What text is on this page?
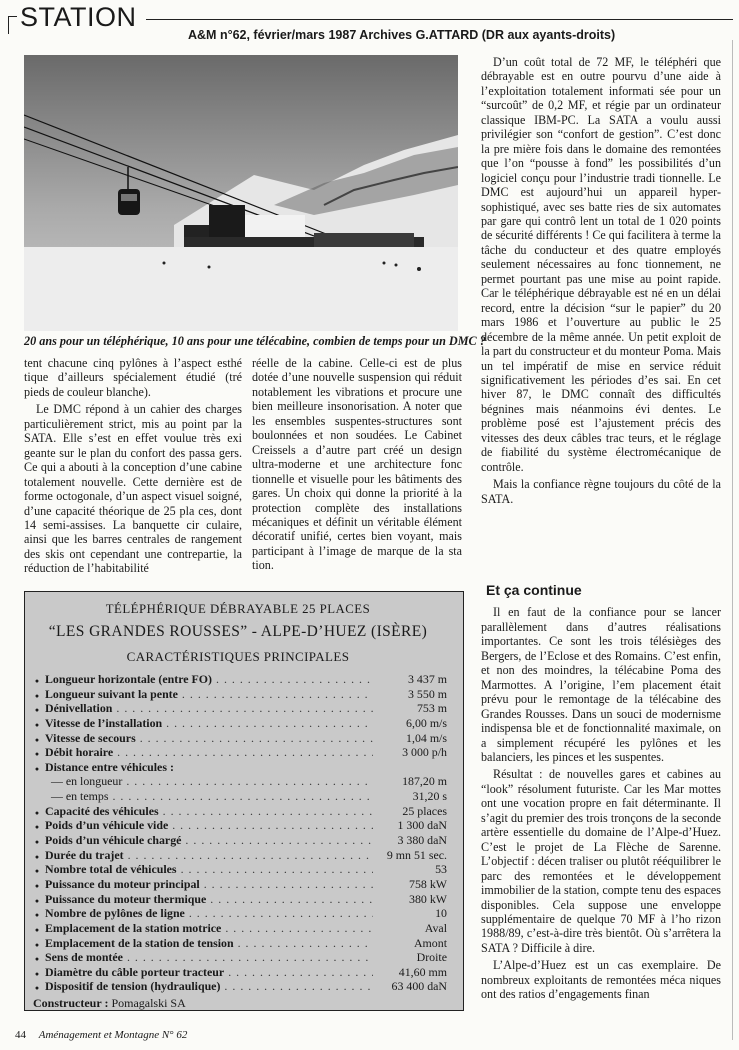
STATION
A&M n°62, février/mars 1987 Archives G.ATTARD (DR aux ayants-droits)
20 ans pour un téléphérique, 10 ans pour une télécabine, combien de temps pour un DMC ?

tent chacune cinq pylônes à l’aspect esthé tique d’ailleurs spécialement étudié (tré pieds de couleur blanche).

Le DMC répond à un cahier des charges particulièrement strict, mis au point par la SATA. Elle s’est en effet voulue très exi geante sur le plan du confort des passa gers. Ce qui a abouti à la conception d’une cabine totalement nouvelle. Cette dernière est de forme octogonale, d’un aspect visuel soigné, d’une capacité théorique de 25 pla ces, dont 14 semi-assises. La banquette cir culaire, ainsi que les barres centrales de rangement des skis ont cependant une contrepartie, la réduction de l’habitabilité

réelle de la cabine. Celle-ci est de plus dotée d’une nouvelle suspension qui réduit notablement les vibrations et procure une bien meilleure insonorisation. A noter que les ensembles suspentes-structures sont boulonnées et non soudées. Le Cabinet Creissels a d’autre part créé un design ultra-moderne et une architecture fonc tionnelle et visuelle pour les bâtiments des gares. Un choix qui donne la priorité à la protection complète des installations mécaniques et définit un véritable élément décoratif unifié, certes bien voyant, mais participant à l’image de marque de la sta tion.

D’un coût total de 72 MF, le téléphéri que débrayable est en outre pourvu d’une aide à l’exploitation totalement informati sée pour un “surcoût” de 0,2 MF, et régie par un ordinateur classique IBM-PC. La SATA a voulu aussi privilégier son “confort de gestion”. C’est donc la pre mière fois dans le domaine des remontées que l’on “pousse à fond” les possibilités d’un logiciel conçu pour l’industrie tradi tionnelle. Le DMC est aujourd’hui un appareil hyper-sophistiqué, avec ses batte ries de six automates par gare qui contrô lent un total de 1 020 points de sécurité différents ! Ce qui facilitera à terme la tâche du conducteur et des quatre employés seulement nécessaires au fonc tionnement, ne permet pourtant pas une mise au point rapide. Car le téléphérique débrayable est né en un délai record, entre la décision “sur le papier” du 20 mars 1986 et l’ouverture au public le 25 décembre de la même année. Un petit exploit de la part du constructeur et du monteur Poma. Mais un tel impératif de mise en service réduit significativement les périodes d’es sai. En cet hiver 87, le DMC connaît des difficultés bégnines mais néanmoins évi dentes. Le problème posé est l’ajustement précis des vitesses des deux câbles trac teurs, et le réglage de fiabilité du système électromécanique de contrôle.

Mais la confiance règne toujours du côté de la SATA.

Et ça continue

Il en faut de la confiance pour se lancer parallèlement dans d’autres réalisations importantes. Ce sont les trois télésièges des Bergers, de l’Eclose et des Romains. C’est enfin, et non des moindres, la télécabine Poma des Marmottes. A l’origine, l’em placement était prévu pour le remontage de la télécabine des Grandes Rousses. Dans un souci de modernisme indispensa ble et de fonctionnalité maximale, on a simplement récupéré les pylônes et les balanciers, les pinces et les suspentes.

Résultat : de nouvelles gares et cabines au “look” résolument futuriste. Car les Mar mottes ont une vocation propre en fait déterminante. Il s’agit du premier des trois tronçons de la seconde artère essentielle du domaine de l’Alpe-d’Huez. C’est le projet de La Flèche de Sarenne. L’objectif : décen traliser ou plutôt rééquilibrer le parc des remontées et le développement immobilier de la station, compte tenu des espaces disponibles. Cela suppose une enveloppe supplémentaire de quelque 70 MF à l’ho rizon 1988/89, c’est-à-dire très bientôt. Où s’arrêtera la SATA ? Difficile à dire.

L’Alpe-d’Huez est un cas exemplaire. De nombreux exploitants de remontées méca niques ont des ratios d’engagements finan

TÉLÉPHÉRIQUE DÉBRAYABLE 25 PLACES
“LES GRANDES ROUSSES” - ALPE-D’HUEZ (ISÈRE)
CARACTÉRISTIQUES PRINCIPALES
● Longueur horizontale (entre FO) . . .	3 437 m
● Longueur suivant la pente . . .	3 550 m
● Dénivellation . . .	753 m
● Vitesse de l’installation . . .	6,00 m/s
● Vitesse de secours . . .	1,04 m/s
● Débit horaire . . .	3 000 p/h
● Distance entre véhicules :
— en longueur . . .	187,20 m
— en temps . . .	31,20 s
● Capacité des véhicules . . .	25 places
● Poids d’un véhicule vide . . .	1 300 daN
● Poids d’un véhicule chargé . . .	3 380 daN
● Durée du trajet . . .	9 mn 51 sec.
● Nombre total de véhicules . . .	53
● Puissance du moteur principal . . .	758 kW
● Puissance du moteur thermique . . .	380 kW
● Nombre de pylônes de ligne . . .	10
● Emplacement de la station motrice . . .	Aval
● Emplacement de la station de tension . . .	Amont
● Sens de montée . . .	Droite
● Diamètre du câble porteur tracteur . . .	41,60 mm
● Dispositif de tension (hydraulique) . . .	63 400 daN
Constructeur : Pomagalski SA
44 Aménagement et Montagne N° 62
